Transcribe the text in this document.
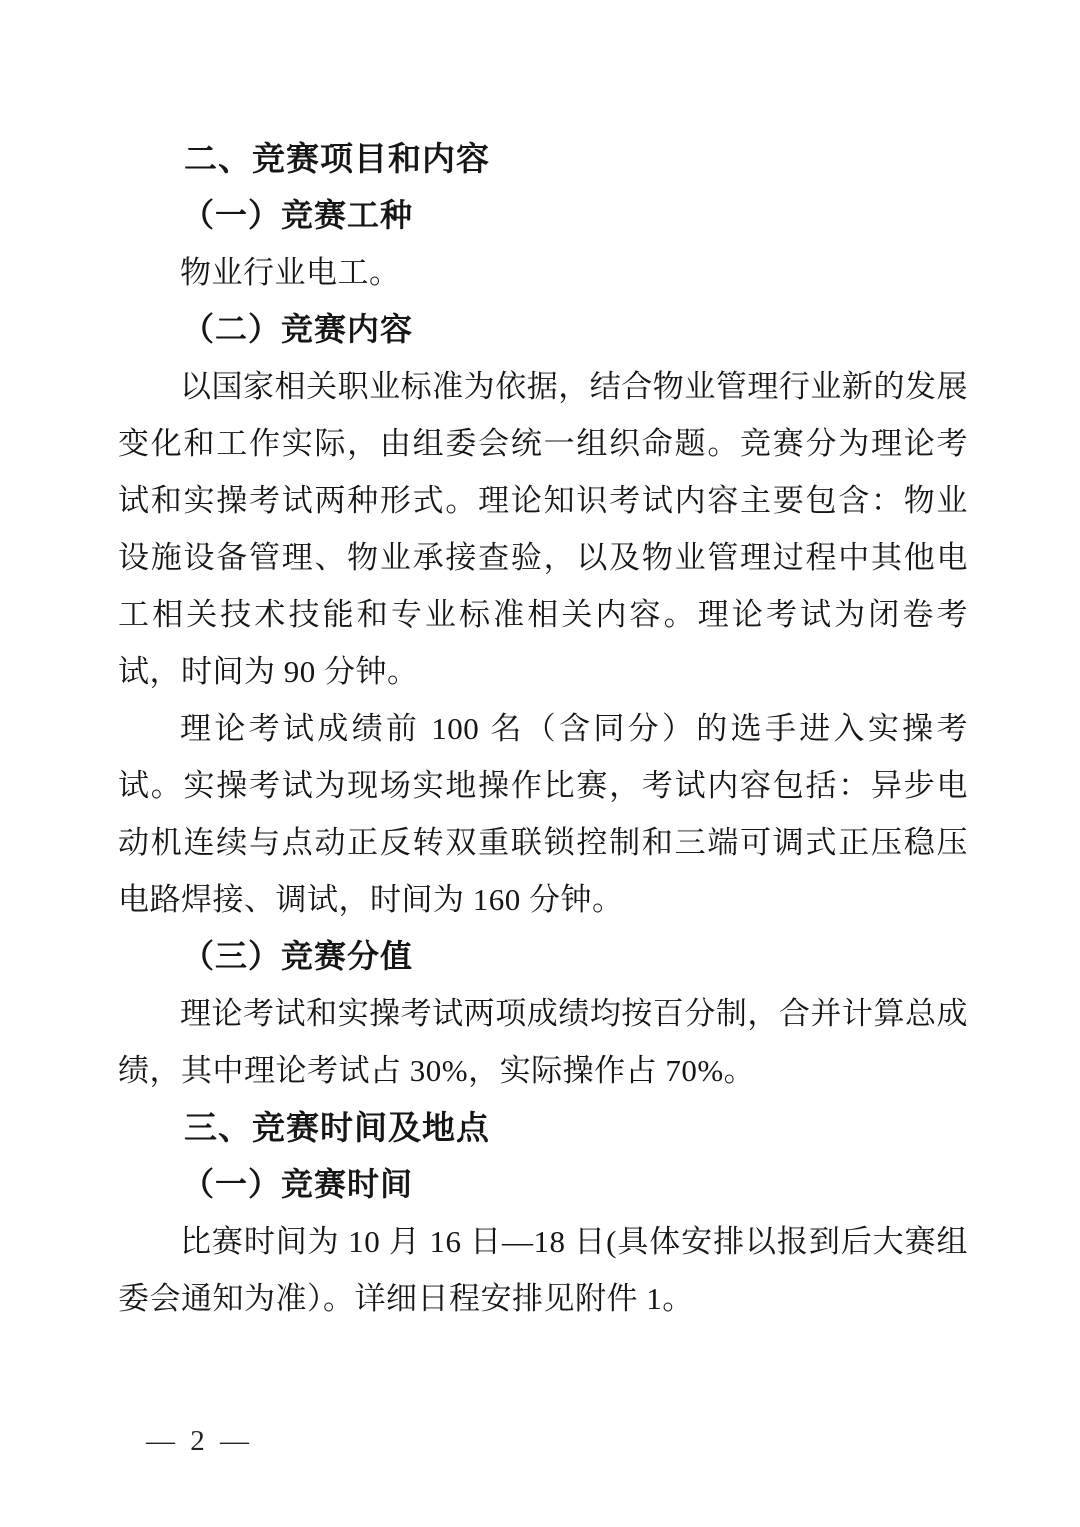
二、竞赛项目和内容
（一）竞赛工种
物业行业电工。
（二）竞赛内容
以国家相关职业标准为依据，结合物业管理行业新的发展变化和工作实际，由组委会统一组织命题。竞赛分为理论考试和实操考试两种形式。理论知识考试内容主要包含：物业设施设备管理、物业承接查验，以及物业管理过程中其他电工相关技术技能和专业标准相关内容。理论考试为闭卷考试，时间为 90 分钟。
理论考试成绩前 100 名（含同分）的选手进入实操考试。实操考试为现场实地操作比赛，考试内容包括：异步电动机连续与点动正反转双重联锁控制和三端可调式正压稳压电路焊接、调试，时间为 160 分钟。
（三）竞赛分值
理论考试和实操考试两项成绩均按百分制，合并计算总成绩，其中理论考试占 30%，实际操作占 70%。
三、竞赛时间及地点
（一）竞赛时间
比赛时间为 10 月 16 日—18 日(具体安排以报到后大赛组委会通知为准）。详细日程安排见附件 1。
— 2 —
